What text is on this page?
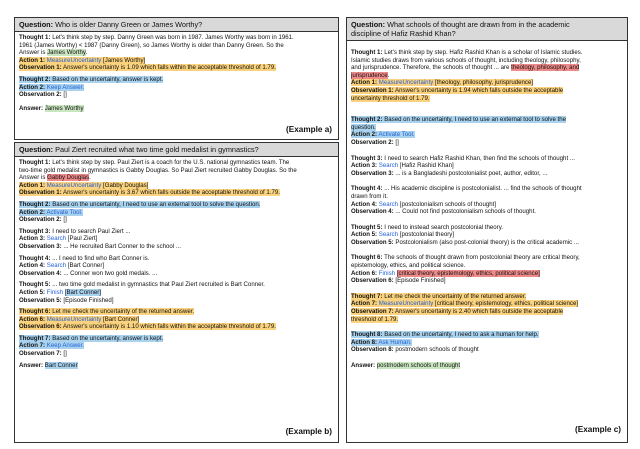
Question: Who is older Danny Green or James Worthy?
Thought 1: Let's think step by step. Danny Green was born in 1987. James Worthy was born in 1961.
1961 (James Worthy) < 1987 (Danny Green), so James Worthy is older than Danny Green. So the
Answer is James Worthy.
Action 1: MeasureUncertainty [James Worthy]
Observation 1: Answer's uncertainty is 1.09 which falls within the acceptable threshold of 1.79.
Thought 2: Based on the uncertainty, answer is kept.
Action 2: Keep Answer.
Observation 2: []
Answer: James Worthy
(Example a)
Question: Paul Ziert recruited what two time gold medalist in gymnastics?
Thought 1: Let's think step by step. Paul Ziert is a coach for the U.S. national gymnastics team. The
two-time gold medalist in gymnastics is Gabby Douglas. So Paul Ziert recruited Gabby Douglas. So the
Answer is Gabby Douglas.
Action 1: MeasureUncertainty [Gabby Douglas]
Observation 1: Answer's uncertainty is 3.67 which falls outside the acceptable threshold of 1.79.
Thought 2: Based on the uncertainty, I need to use an external tool to solve the question.
Action 2: Activate Tool.
Observation 2: []
Thought 3: I need to search Paul Ziert ...
Action 3: Search [Paul Ziert]
Observation 3: ... He recruited Bart Conner to the school ...
Thought 4: ... I need to find who Bart Conner is.
Action 4: Search [Bart Conner]
Observation 4: ... Conner won two gold medals. ...
Thought 5: ... two time gold medalist in gymnastics that Paul Ziert recruited is Bart Conner.
Action 5: Finish [Bart Conner]
Observation 5: [Episode Finished]
Thought 6: Let me check the uncertainty of the returned answer.
Action 6: MeasureUncertainty [Bart Conner]
Observation 6: Answer's uncertainty is 1.10 which falls within the acceptable threshold of 1.79.
Thought 7: Based on the uncertainty, answer is kept.
Action 7: Keep Answer.
Observation 7: []
Answer: Bart Conner
(Example b)
Question: What schools of thought are drawn from in the academic
discipline of Hafiz Rashid Khan?
Thought 1: Let's think step by step. Hafiz Rashid Khan is a scholar of Islamic studies.
Islamic studies draws from various schools of thought, including theology, philosophy,
and jurisprudence. Therefore, the schools of thought ... are theology, philosophy, and
jurisprudence.
Action 1: MeasureUncertainty [theology, philosophy, jurisprudence]
Observation 1: Answer's uncertainty is 1.94 which falls outside the acceptable
uncertainty threshold of 1.79.
Thought 2: Based on the uncertainty, I need to use an external tool to solve the
question.
Action 2: Activate Tool.
Observation 2: []
Thought 3: I need to search Hafiz Rashid Khan, then find the schools of thought ...
Action 3: Search [Hafiz Rashid Khan]
Observation 3: ... is a Bangladeshi postcolonialist poet, author, editor, ...
Thought 4: ... His academic discipline is postcolonialist. ... find the schools of thought
drawn from it.
Action 4: Search [postcolonialism schools of thought]
Observation 4: ... Could not find postcolonialism schools of thought.
Thought 5: I need to instead search postcolonial theory.
Action 5: Search [postcolonial theory]
Observation 5: Postcolonialism (also post-colonial theory) is the critical academic ...
Thought 6: The schools of thought drawn from postcolonial theory are critical theory,
epistemology, ethics, and political science.
Action 6: Finish [critical theory, epistemology, ethics, political science]
Observation 6: [Episode Finished]
Thought 7: Let me check the uncertainty of the returned answer.
Action 7: MeasureUncertainty [critical theory, epistemology, ethics, political science]
Observation 7: Answer's uncertainty is 2.40 which falls outside the acceptable
threshold of 1.79.
Thought 8: Based on the uncertainty, I need to ask a human for help.
Action 8: Ask Human.
Observation 8: postmodern schools of thought
Answer: postmodern schools of thought
(Example c)
